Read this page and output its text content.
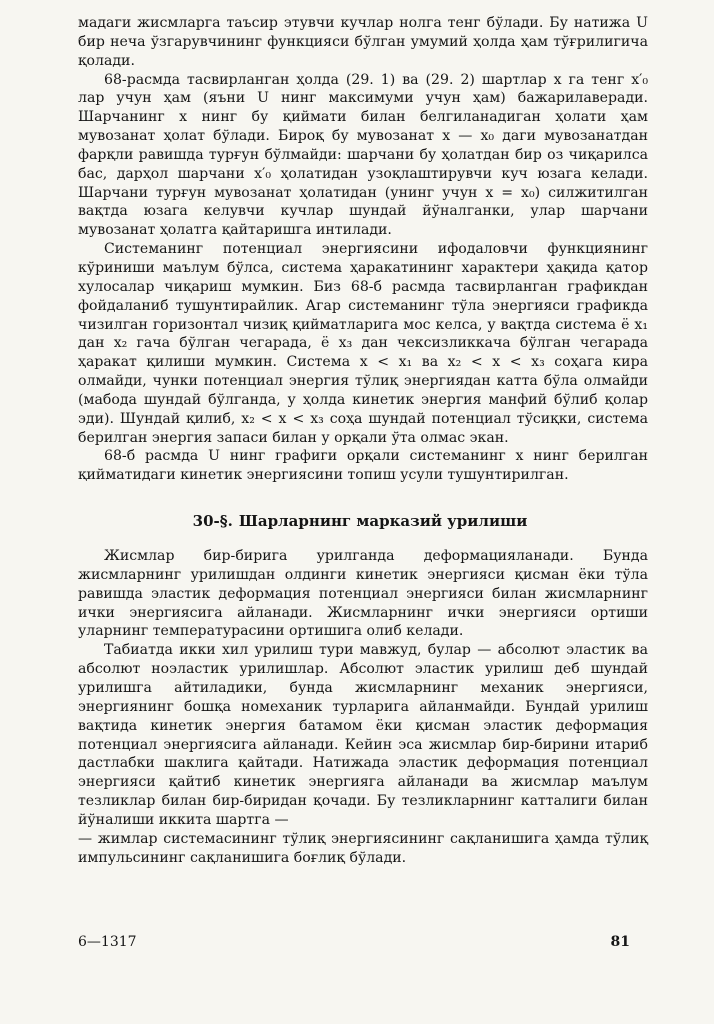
мадаги жисмларга таъсир этувчи кучлар нолга тенг бўлади. Бу натижа U бир неча ўзгарувчининг функцияси бўлган умумий ҳолда ҳам тўғрилигича қолади.

68-расмда тасвирланган ҳолда (29. 1) ва (29. 2) шартлар x га тенг x′₀ лар учун ҳам (яъни U нинг максимуми учун ҳам) бажарилаверади. Шарчанинг x нинг бу қиймати билан белгиланадиган ҳолати ҳам мувозанат ҳолат бўлади. Бироқ бу мувозанат x — x₀ даги мувозанатдан фарқли равишда турғун бўлмайди: шарчани бу ҳолатдан бир оз чиқарилса бас, дарҳол шарчани x′₀ ҳолатидан узоқлаштирувчи куч юзага келади. Шарчани турғун мувозанат ҳолатидан (унинг учун x = x₀) силжитилган вақтда юзага келувчи кучлар шундай йўналганки, улар шарчани мувозанат ҳолатга қайтаришга интилади.

Системанинг потенциал энергиясини ифодаловчи функциянинг кўриниши маълум бўлса, система ҳаракатининг характери ҳақида қатор хулосалар чиқариш мумкин. Биз 68-б расмда тасвирланган графикдан фойдаланиб тушунтирайлик. Агар системанинг тўла энергияси графикда чизилган горизонтал чизиқ қийматларига мос келса, у вақтда система ё x₁ дан x₂ гача бўлган чегарада, ё x₃ дан чексизликкача бўлган чегарада ҳаракат қилиши мумкин. Система x < x₁ ва x₂ < x < x₃ соҳага кира олмайди, чунки потенциал энергия тўлиқ энергиядан катта бўла олмайди (мабода шундай бўлганда, у ҳолда кинетик энергия манфий бўлиб қолар эди). Шундай қилиб, x₂ < x < x₃ соҳа шундай потенциал тўсиқки, система берилган энергия запаси билан у орқали ўта олмас экан.

68-б расмда U нинг графиги орқали системанинг x нинг берилган қийматидаги кинетик энергиясини топиш усули тушунтирилган.

30-§. Шарларнинг марказий урилиши

Жисмлар бир-бирига урилганда деформацияланади. Бунда жисмларнинг урилишдан олдинги кинетик энергияси қисман ёки тўла равишда эластик деформация потенциал энергияси билан жисмларнинг ички энергиясига айланади. Жисмларнинг ички энергияси ортиши уларнинг температурасини ортишига олиб келади.

Табиатда икки хил урилиш тури мавжуд, булар — абсолют эластик ва абсолют ноэластик урилишлар. Абсолют эластик урилиш деб шундай урилишга айтиладики, бунда жисмларнинг механик энергияси, энергиянинг бошқа номеханик турларига айланмайди. Бундай урилиш вақтида кинетик энергия батамом ёки қисман эластик деформация потенциал энергиясига айланади. Кейин эса жисмлар бир-бирини итариб дастлабки шаклига қайтади. Натижада эластик деформация потенциал энергияси қайтиб кинетик энергияга айланади ва жисмлар маълум тезликлар билан бир-биридан қочади. Бу тезликларнинг катталиги билан йўналиши иккита шартга —

— жимлар системасининг тўлиқ энергиясининг сақланишига ҳамда тўлиқ импульсининг сақланишига боғлиқ бўлади.

6—1317	81
